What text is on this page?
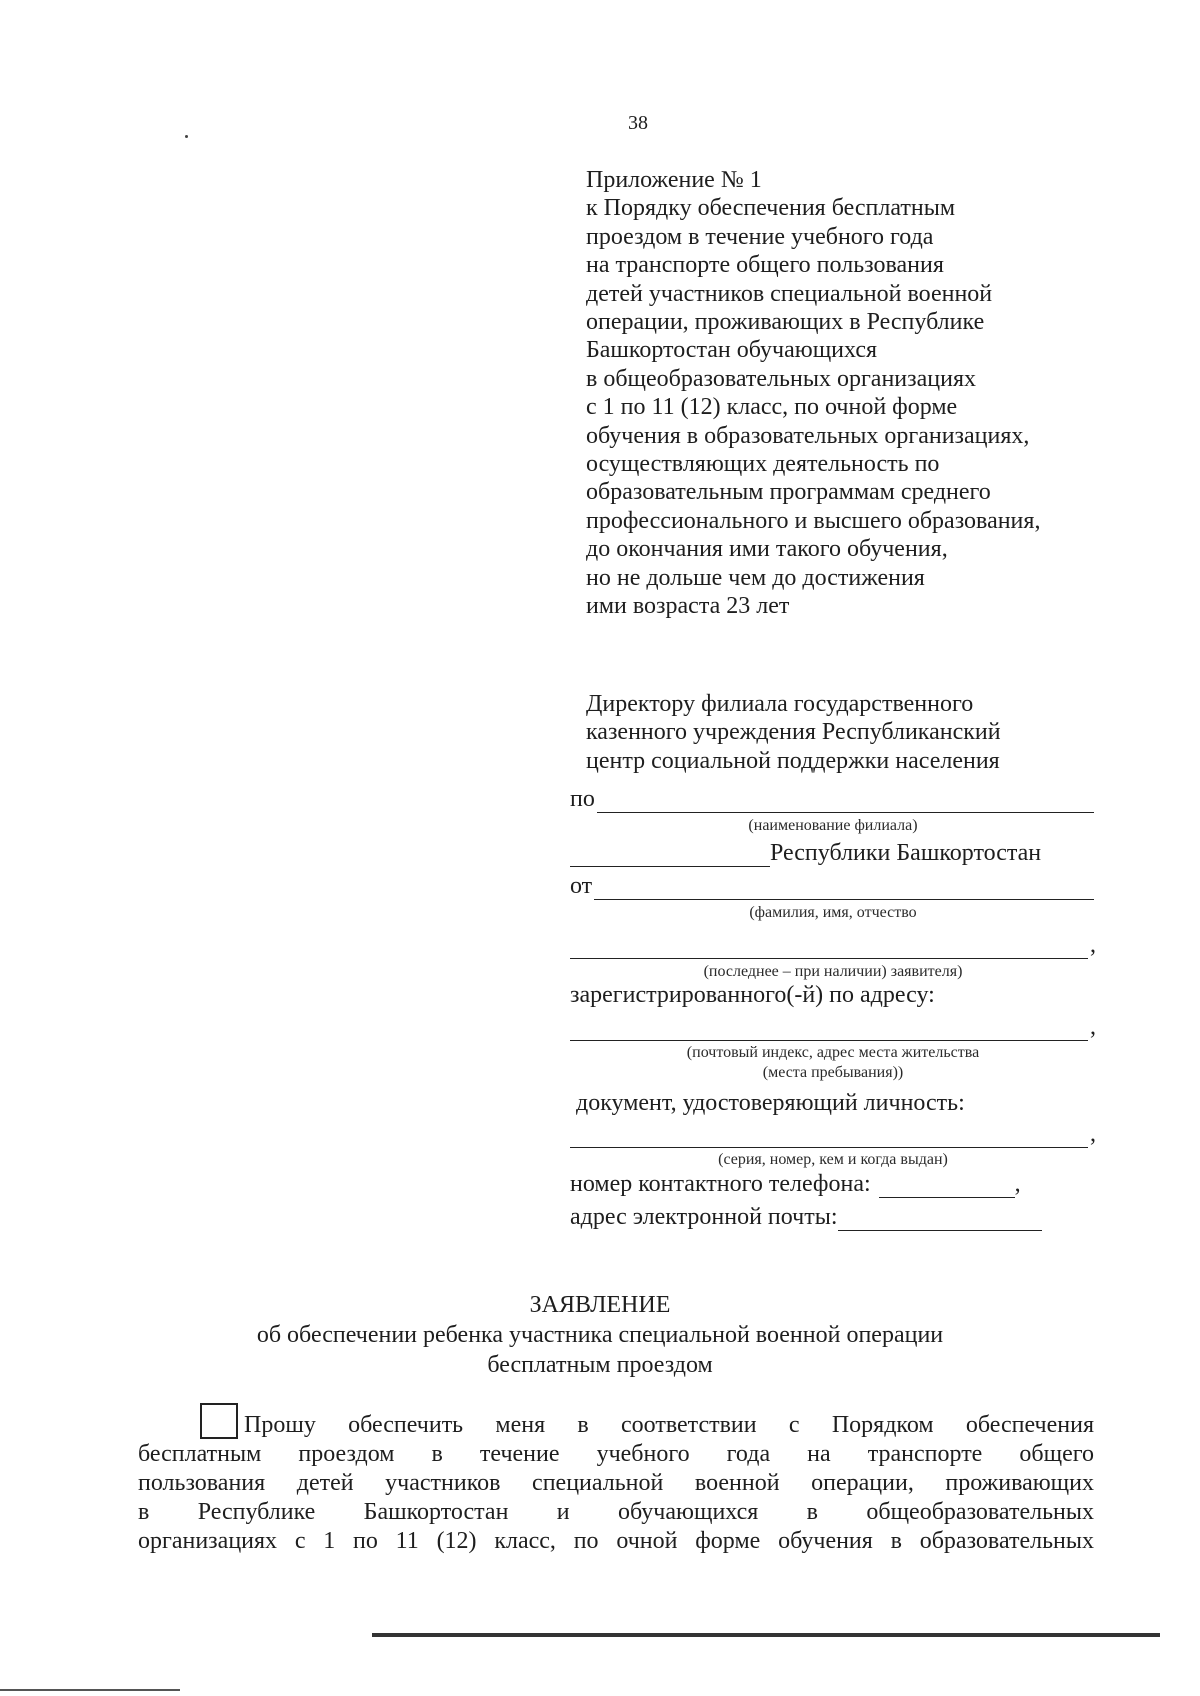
38
Приложение № 1
к Порядку обеспечения бесплатным
проездом в течение учебного года
на транспорте общего пользования
детей участников специальной военной
операции, проживающих в Республике
Башкортостан обучающихся
в общеобразовательных организациях
с 1 по 11 (12) класс, по очной форме
обучения в образовательных организациях,
осуществляющих деятельность по
образовательным программам среднего
профессионального и высшего образования,
до окончания ими такого обучения,
но не дольше чем до достижения
ими возраста 23 лет
Директору филиала государственного
казенного учреждения Республиканский
центр социальной поддержки населения
по
(наименование филиала)
Республики Башкортостан
от
(фамилия, имя, отчество
,
(последнее – при наличии) заявителя)
зарегистрированного(-й) по адресу:
,
(почтовый индекс, адрес места жительства
(места пребывания))
документ, удостоверяющий личность:
,
(серия, номер, кем и когда выдан)
номер контактного телефона:	,
адрес электронной почты:
ЗАЯВЛЕНИЕ
об обеспечении ребенка участника специальной военной операции
бесплатным проездом
Прошу обеспечить меня в соответствии с Порядком обеспечения
бесплатным проездом в течение учебного года на транспорте общего
пользования детей участников специальной военной операции, проживающих
в Республике Башкортостан и обучающихся в общеобразовательных
организациях с 1 по 11 (12) класс, по очной форме обучения в образовательных
